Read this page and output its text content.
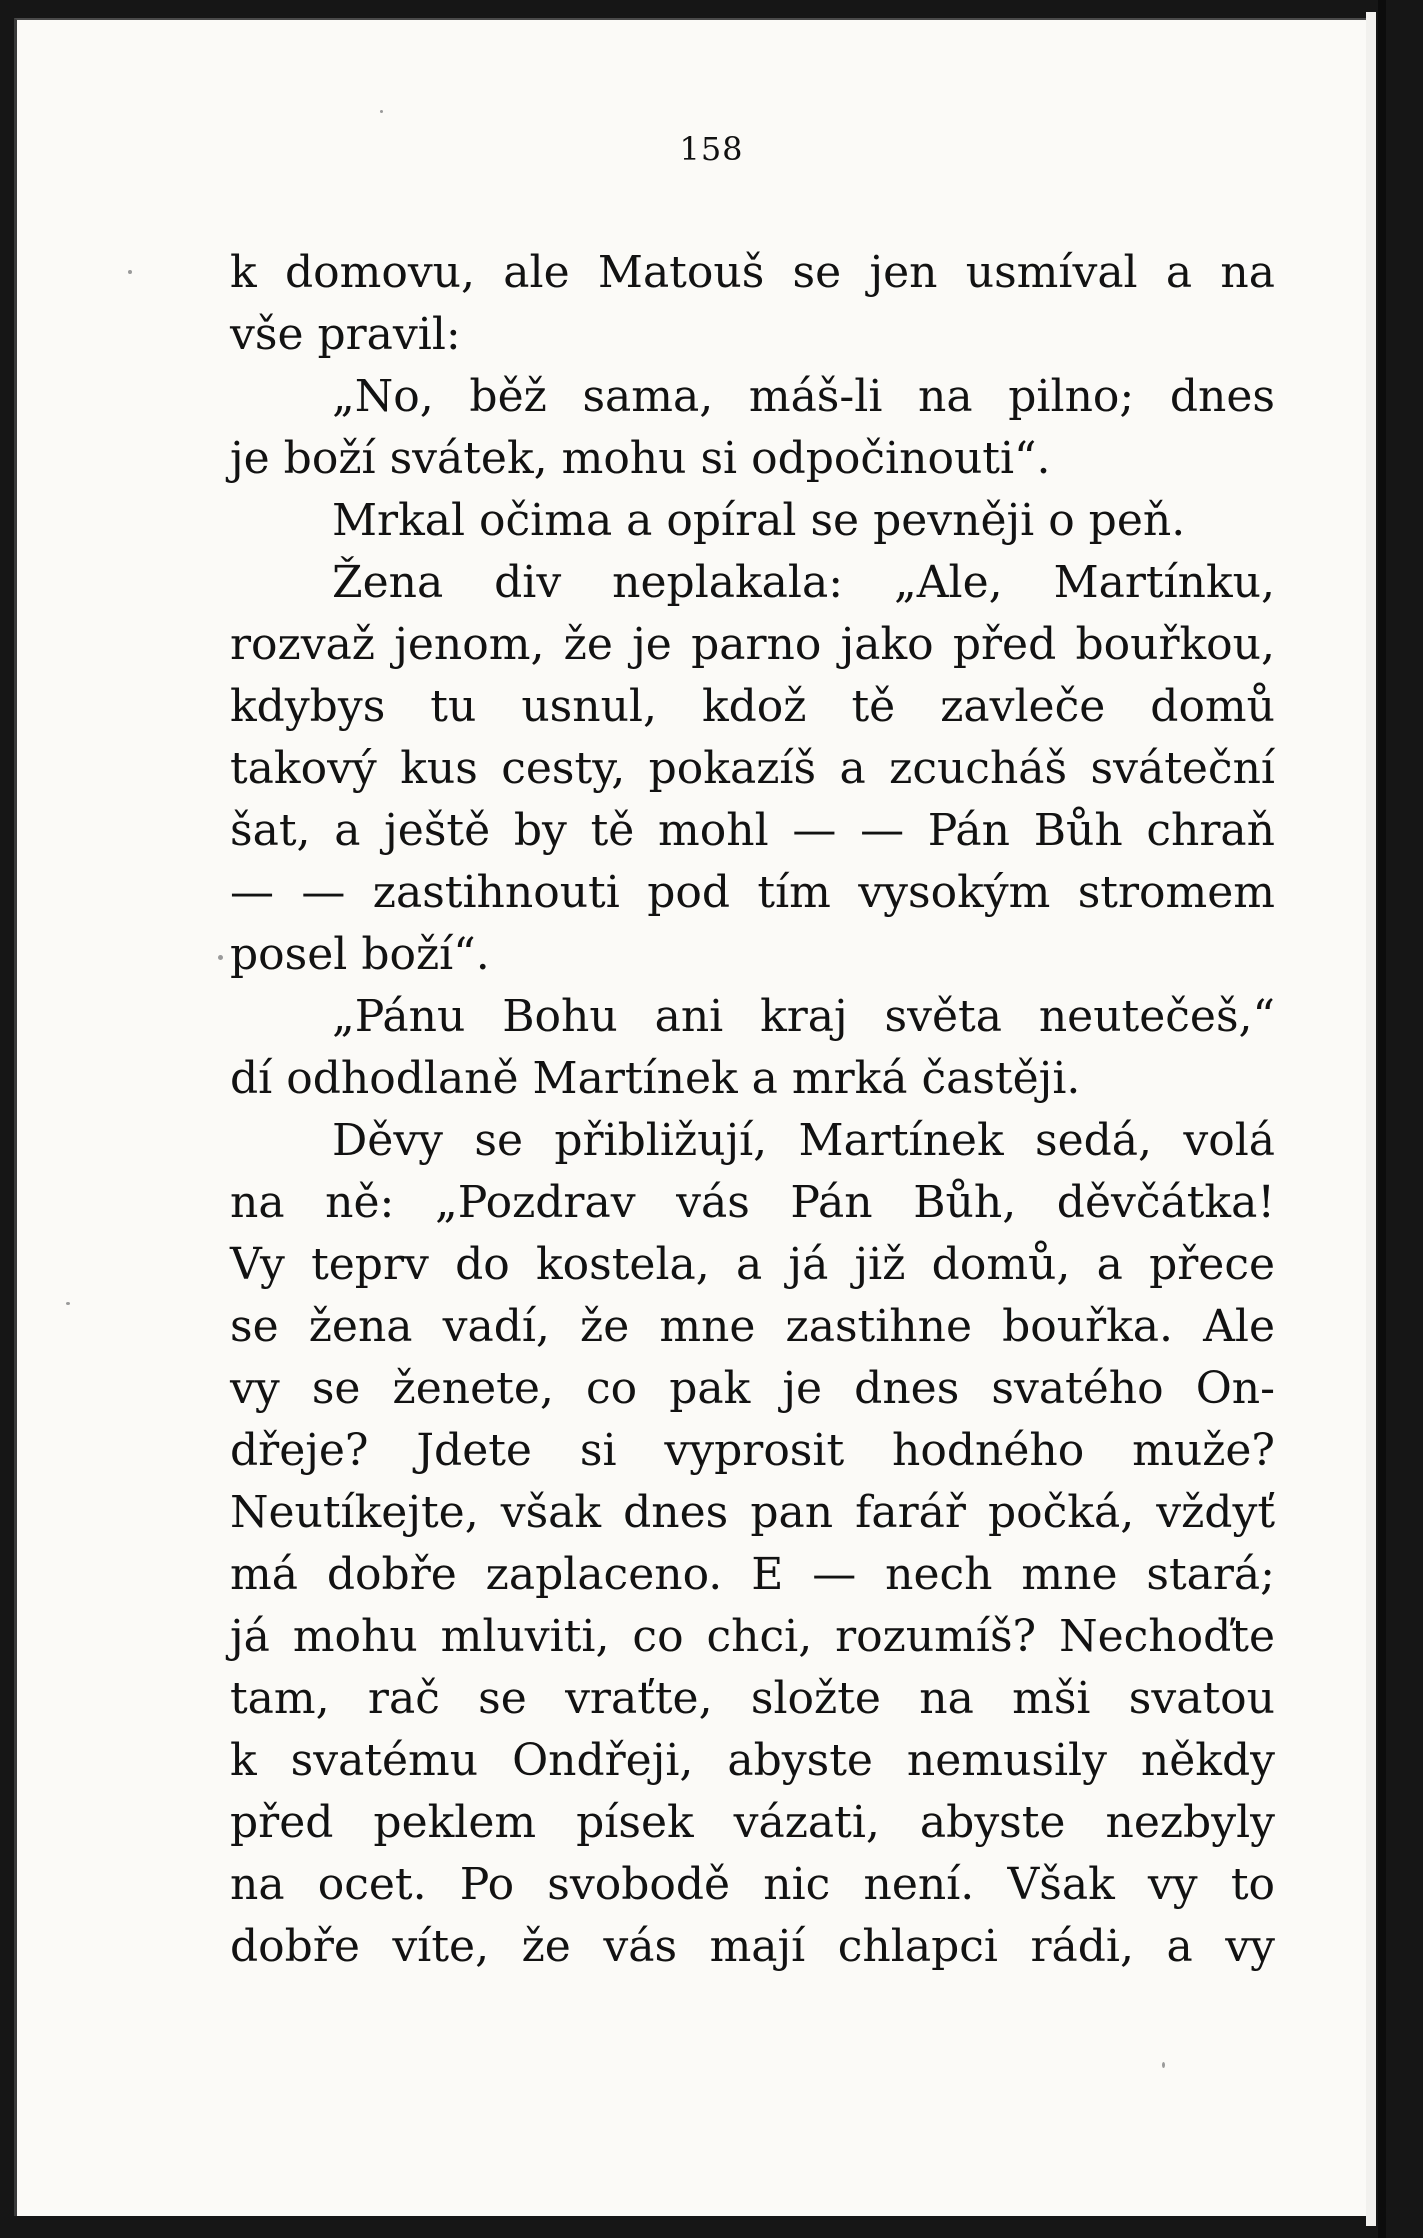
158
k domovu, ale Matouš se jen usmíval a na
vše pravil:
„No, běž sama, máš-li na pilno; dnes
je boží svátek, mohu si odpočinouti“.
Mrkal očima a opíral se pevněji o peň.
Žena div neplakala: „Ale, Martínku,
rozvaž jenom, že je parno jako před bouřkou,
kdybys tu usnul, kdož tě zavleče domů
takový kus cesty, pokazíš a zcucháš sváteční
šat, a ještě by tě mohl — — Pán Bůh chraň
— — zastihnouti pod tím vysokým stromem
posel boží“.
„Pánu Bohu ani kraj světa neutečeš,“
dí odhodlaně Martínek a mrká častěji.
Děvy se přibližují, Martínek sedá, volá
na ně: „Pozdrav vás Pán Bůh, děvčátka!
Vy teprv do kostela, a já již domů, a přece
se žena vadí, že mne zastihne bouřka. Ale
vy se ženete, co pak je dnes svatého On-
dřeje? Jdete si vyprosit hodného muže?
Neutíkejte, však dnes pan farář počká, vždyť
má dobře zaplaceno. E — nech mne stará;
já mohu mluviti, co chci, rozumíš? Nechoďte
tam, rač se vraťte, složte na mši svatou
k svatému Ondřeji, abyste nemusily někdy
před peklem písek vázati, abyste nezbyly
na ocet. Po svobodě nic není. Však vy to
dobře víte, že vás mají chlapci rádi, a vy
